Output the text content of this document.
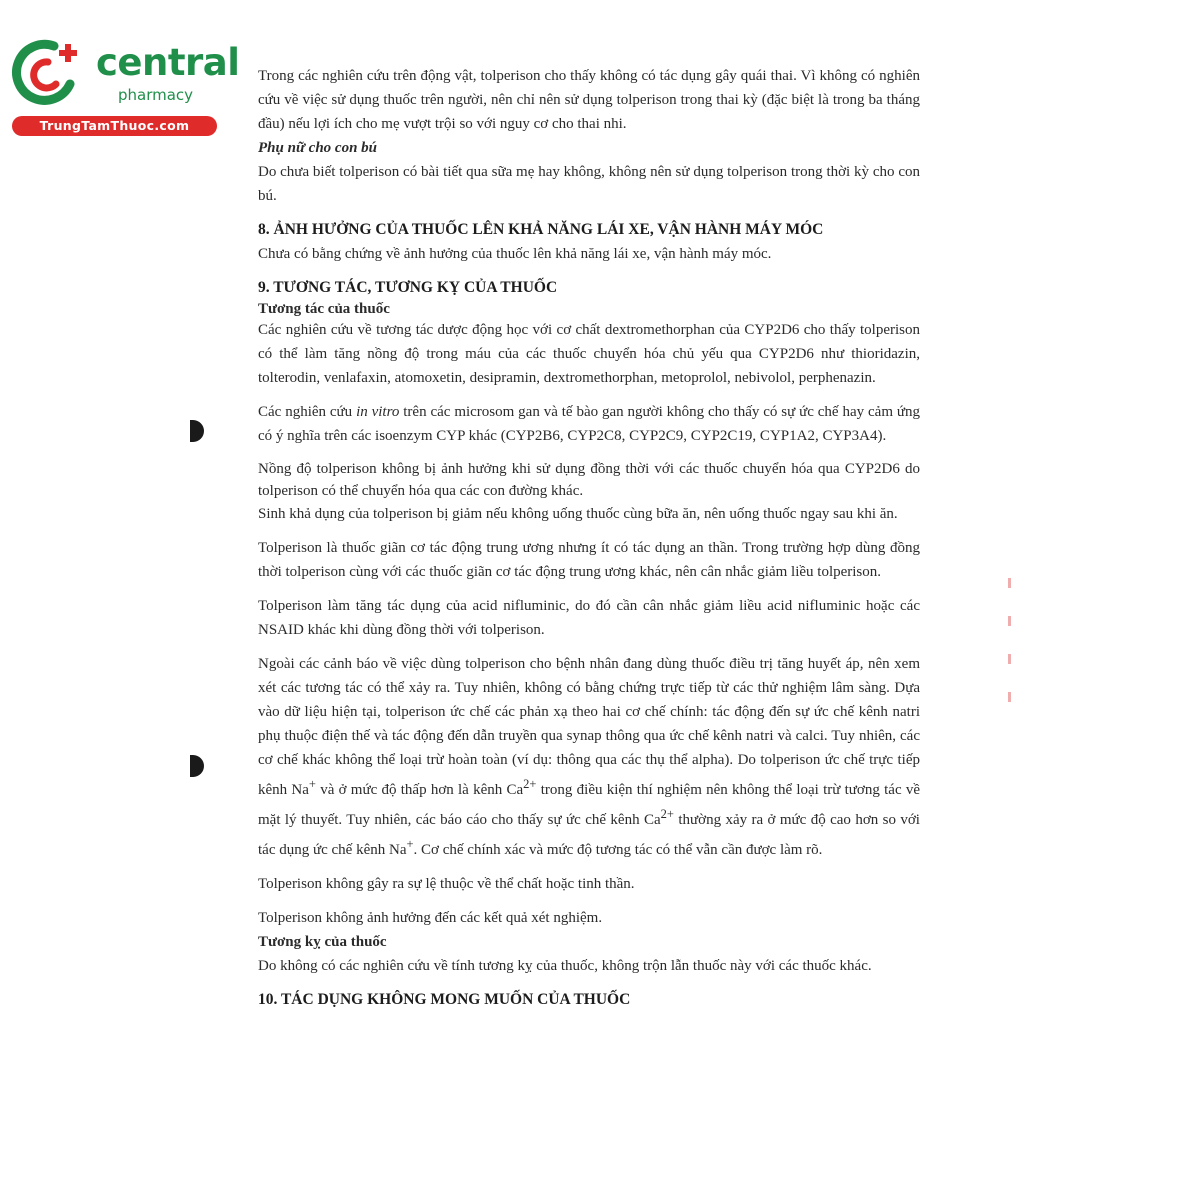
central
pharmacy
TrungTamThuoc.com

Trong các nghiên cứu trên động vật, tolperison cho thấy không có tác dụng gây quái thai. Vì không có nghiên cứu về việc sử dụng thuốc trên người, nên chỉ nên sử dụng tolperison trong thai kỳ (đặc biệt là trong ba tháng đầu) nếu lợi ích cho mẹ vượt trội so với nguy cơ cho thai nhi.

Phụ nữ cho con bú

Do chưa biết tolperison có bài tiết qua sữa mẹ hay không, không nên sử dụng tolperison trong thời kỳ cho con bú.

8. ẢNH HƯỞNG CỦA THUỐC LÊN KHẢ NĂNG LÁI XE, VẬN HÀNH MÁY MÓC

Chưa có bằng chứng về ảnh hưởng của thuốc lên khả năng lái xe, vận hành máy móc.

9. TƯƠNG TÁC, TƯƠNG KỴ CỦA THUỐC
Tương tác của thuốc

Các nghiên cứu về tương tác dược động học với cơ chất dextromethorphan của CYP2D6 cho thấy tolperison có thể làm tăng nồng độ trong máu của các thuốc chuyển hóa chủ yếu qua CYP2D6 như thioridazin, tolterodin, venlafaxin, atomoxetin, desipramin, dextromethorphan, metoprolol, nebivolol, perphenazin.

Các nghiên cứu in vitro trên các microsom gan và tế bào gan người không cho thấy có sự ức chế hay cảm ứng có ý nghĩa trên các isoenzym CYP khác (CYP2B6, CYP2C8, CYP2C9, CYP2C19, CYP1A2, CYP3A4).

Nồng độ tolperison không bị ảnh hưởng khi sử dụng đồng thời với các thuốc chuyển hóa qua CYP2D6 do tolperison có thể chuyển hóa qua các con đường khác.

Sinh khả dụng của tolperison bị giảm nếu không uống thuốc cùng bữa ăn, nên uống thuốc ngay sau khi ăn.

Tolperison là thuốc giãn cơ tác động trung ương nhưng ít có tác dụng an thần. Trong trường hợp dùng đồng thời tolperison cùng với các thuốc giãn cơ tác động trung ương khác, nên cân nhắc giảm liều tolperison.

Tolperison làm tăng tác dụng của acid nifluminic, do đó cần cân nhắc giảm liều acid nifluminic hoặc các NSAID khác khi dùng đồng thời với tolperison.

Ngoài các cảnh báo về việc dùng tolperison cho bệnh nhân đang dùng thuốc điều trị tăng huyết áp, nên xem xét các tương tác có thể xảy ra. Tuy nhiên, không có bằng chứng trực tiếp từ các thử nghiệm lâm sàng. Dựa vào dữ liệu hiện tại, tolperison ức chế các phản xạ theo hai cơ chế chính: tác động đến sự ức chế kênh natri phụ thuộc điện thế và tác động đến dẫn truyền qua synap thông qua ức chế kênh natri và calci. Tuy nhiên, các cơ chế khác không thể loại trừ hoàn toàn (ví dụ: thông qua các thụ thể alpha). Do tolperison ức chế trực tiếp kênh Na+ và ở mức độ thấp hơn là kênh $Ca^{2+}$ trong điều kiện thí nghiệm nên không thể loại trừ tương tác về mặt lý thuyết. Tuy nhiên, các báo cáo cho thấy sự ức chế kênh $Ca^{2+}$ thường xảy ra ở mức độ cao hơn so với tác dụng ức chế kênh Na+. Cơ chế chính xác và mức độ tương tác có thể vẫn cần được làm rõ.

Tolperison không gây ra sự lệ thuộc về thể chất hoặc tinh thần.

Tolperison không ảnh hưởng đến các kết quả xét nghiệm.

Tương kỵ của thuốc

Do không có các nghiên cứu về tính tương kỵ của thuốc, không trộn lẫn thuốc này với các thuốc khác.

10. TÁC DỤNG KHÔNG MONG MUỐN CỦA THUỐC
